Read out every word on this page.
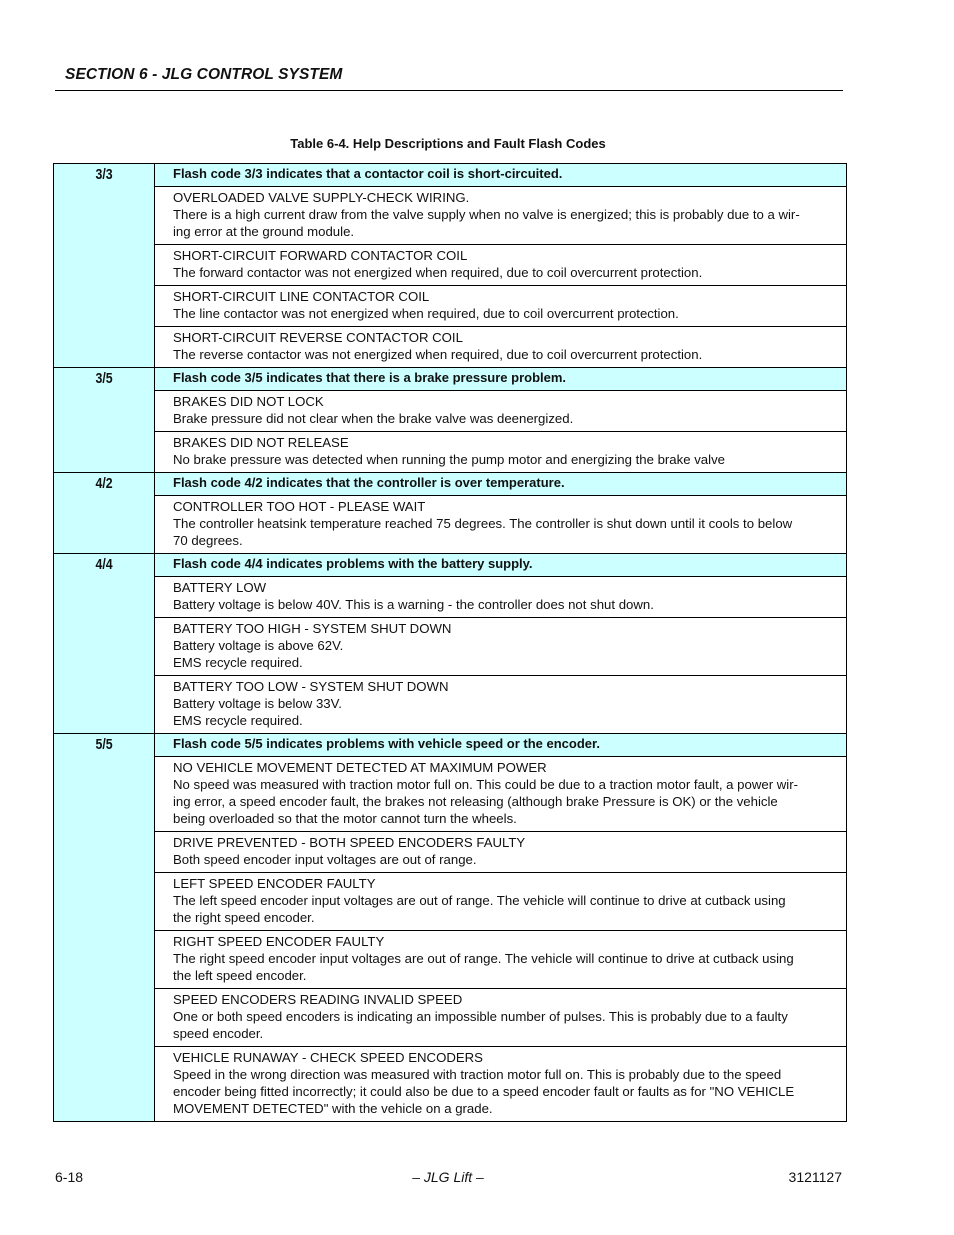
SECTION 6 - JLG CONTROL SYSTEM
Table 6-4. Help Descriptions and Fault Flash Codes
3/3	Flash code 3/3 indicates that a contactor coil is short-circuited.

	OVERLOADED VALVE SUPPLY-CHECK WIRING.
There is a high current draw from the valve supply when no valve is energized; this is probably due to a wir-
ing error at the ground module.

	SHORT-CIRCUIT FORWARD CONTACTOR COIL
The forward contactor was not energized when required, due to coil overcurrent protection.

	SHORT-CIRCUIT LINE CONTACTOR COIL
The line contactor was not energized when required, due to coil overcurrent protection.

	SHORT-CIRCUIT REVERSE CONTACTOR COIL
The reverse contactor was not energized when required, due to coil overcurrent protection.

3/5	Flash code 3/5 indicates that there is a brake pressure problem.

	BRAKES DID NOT LOCK
Brake pressure did not clear when the brake valve was deenergized.

	BRAKES DID NOT RELEASE
No brake pressure was detected when running the pump motor and energizing the brake valve

4/2	Flash code 4/2 indicates that the controller is over temperature.

	CONTROLLER TOO HOT - PLEASE WAIT
The controller heatsink temperature reached 75 degrees. The controller is shut down until it cools to below
70 degrees.

4/4	Flash code 4/4 indicates problems with the battery supply.

	BATTERY LOW
Battery voltage is below 40V. This is a warning - the controller does not shut down.

	BATTERY TOO HIGH - SYSTEM SHUT DOWN
Battery voltage is above 62V.
EMS recycle required.

	BATTERY TOO LOW - SYSTEM SHUT DOWN
Battery voltage is below 33V.
EMS recycle required.

5/5	Flash code 5/5 indicates problems with vehicle speed or the encoder.

	NO VEHICLE MOVEMENT DETECTED AT MAXIMUM POWER
No speed was measured with traction motor full on. This could be due to a traction motor fault, a power wir-
ing error, a speed encoder fault, the brakes not releasing (although brake Pressure is OK) or the vehicle
being overloaded so that the motor cannot turn the wheels.

	DRIVE PREVENTED - BOTH SPEED ENCODERS FAULTY
Both speed encoder input voltages are out of range.

	LEFT SPEED ENCODER FAULTY
The left speed encoder input voltages are out of range. The vehicle will continue to drive at cutback using
the right speed encoder.

	RIGHT SPEED ENCODER FAULTY
The right speed encoder input voltages are out of range. The vehicle will continue to drive at cutback using
the left speed encoder.

	SPEED ENCODERS READING INVALID SPEED
One or both speed encoders is indicating an impossible number of pulses. This is probably due to a faulty
speed encoder.

	VEHICLE RUNAWAY - CHECK SPEED ENCODERS
Speed in the wrong direction was measured with traction motor full on. This is probably due to the speed
encoder being fitted incorrectly; it could also be due to a speed encoder fault or faults as for "NO VEHICLE
MOVEMENT DETECTED" with the vehicle on a grade.
6-18	– JLG Lift –	3121127
